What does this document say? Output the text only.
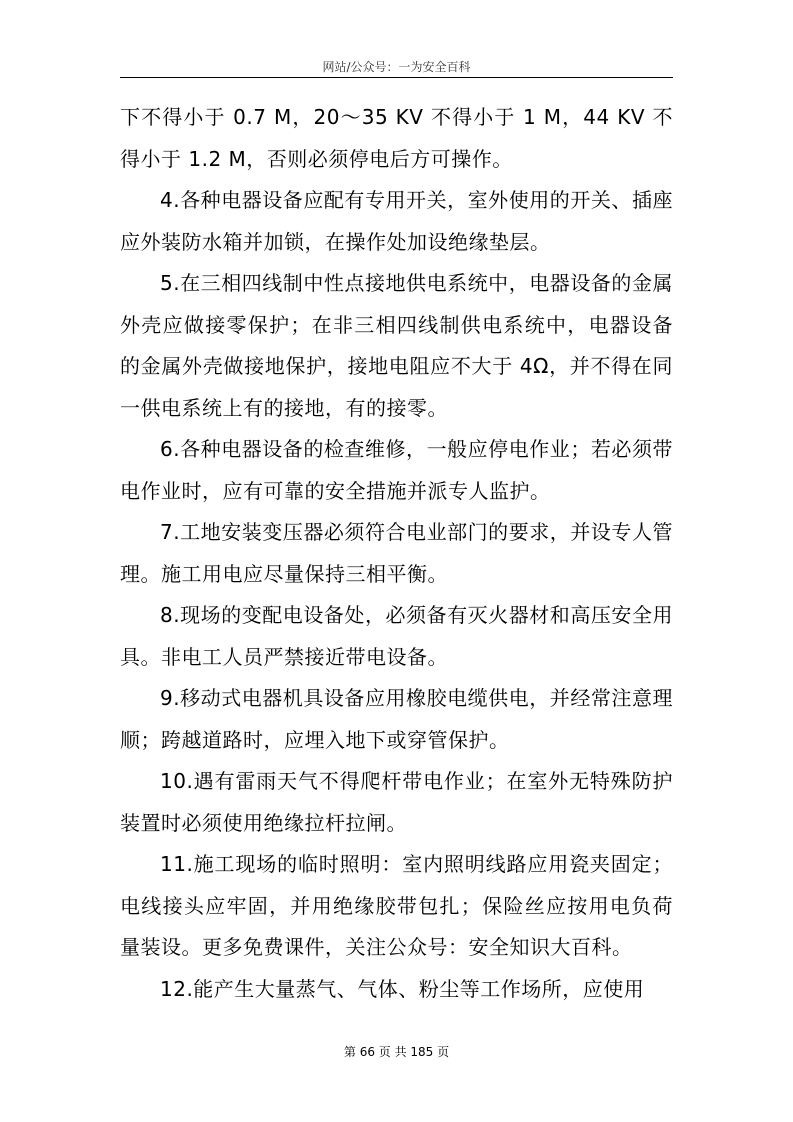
网站/公众号：一为安全百科

下不得小于 0.7 M，20～35 KV 不得小于 1 M，44 KV 不得小于 1.2 M，否则必须停电后方可操作。

4.各种电器设备应配有专用开关，室外使用的开关、插座应外装防水箱并加锁，在操作处加设绝缘垫层。

5.在三相四线制中性点接地供电系统中，电器设备的金属外壳应做接零保护；在非三相四线制供电系统中，电器设备的金属外壳做接地保护，接地电阻应不大于 4Ω，并不得在同一供电系统上有的接地，有的接零。

6.各种电器设备的检查维修，一般应停电作业；若必须带电作业时，应有可靠的安全措施并派专人监护。

7.工地安装变压器必须符合电业部门的要求，并设专人管理。施工用电应尽量保持三相平衡。

8.现场的变配电设备处，必须备有灭火器材和高压安全用具。非电工人员严禁接近带电设备。

9.移动式电器机具设备应用橡胶电缆供电，并经常注意理顺；跨越道路时，应埋入地下或穿管保护。

10.遇有雷雨天气不得爬杆带电作业；在室外无特殊防护装置时必须使用绝缘拉杆拉闸。

11.施工现场的临时照明：室内照明线路应用瓷夹固定；电线接头应牢固，并用绝缘胶带包扎；保险丝应按用电负荷量装设。更多免费课件，关注公众号：安全知识大百科。

12.能产生大量蒸气、气体、粉尘等工作场所，应使用

第 66 页 共 185 页
